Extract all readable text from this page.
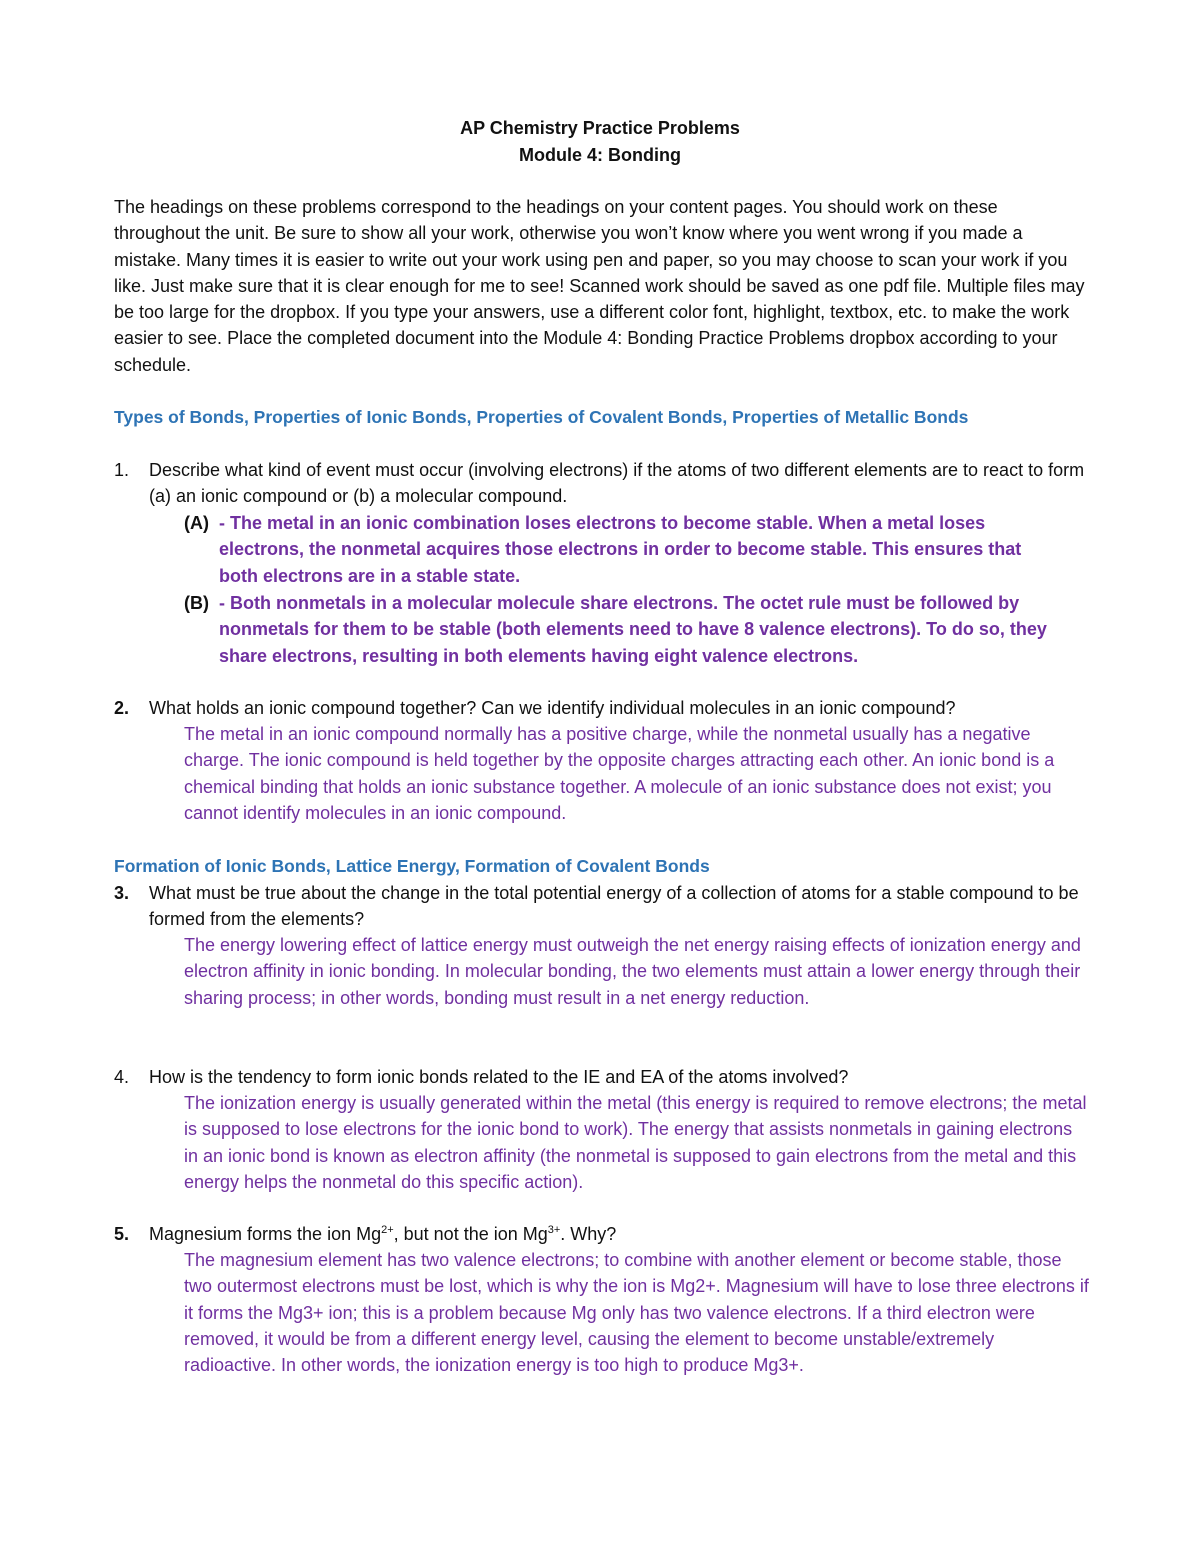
AP Chemistry Practice Problems
Module 4: Bonding

The headings on these problems correspond to the headings on your content pages. You should work on these throughout the unit. Be sure to show all your work, otherwise you won’t know where you went wrong if you made a mistake. Many times it is easier to write out your work using pen and paper, so you may choose to scan your work if you like. Just make sure that it is clear enough for me to see! Scanned work should be saved as one pdf file. Multiple files may be too large for the dropbox. If you type your answers, use a different color font, highlight, textbox, etc. to make the work easier to see. Place the completed document into the Module 4: Bonding Practice Problems dropbox according to your schedule.

Types of Bonds, Properties of Ionic Bonds, Properties of Covalent Bonds, Properties of Metallic Bonds
1. Describe what kind of event must occur (involving electrons) if the atoms of two different elements are to react to form (a) an ionic compound or (b) a molecular compound.
(A) - The metal in an ionic combination loses electrons to become stable. When a metal loses electrons, the nonmetal acquires those electrons in order to become stable. This ensures that both electrons are in a stable state.
(B) - Both nonmetals in a molecular molecule share electrons. The octet rule must be followed by nonmetals for them to be stable (both elements need to have 8 valence electrons). To do so, they share electrons, resulting in both elements having eight valence electrons.
2. What holds an ionic compound together? Can we identify individual molecules in an ionic compound?
The metal in an ionic compound normally has a positive charge, while the nonmetal usually has a negative charge. The ionic compound is held together by the opposite charges attracting each other. An ionic bond is a chemical binding that holds an ionic substance together. A molecule of an ionic substance does not exist; you cannot identify molecules in an ionic compound.
Formation of Ionic Bonds, Lattice Energy, Formation of Covalent Bonds
3. What must be true about the change in the total potential energy of a collection of atoms for a stable compound to be formed from the elements?
The energy lowering effect of lattice energy must outweigh the net energy raising effects of ionization energy and electron affinity in ionic bonding. In molecular bonding, the two elements must attain a lower energy through their sharing process; in other words, bonding must result in a net energy reduction.
4. How is the tendency to form ionic bonds related to the IE and EA of the atoms involved?
The ionization energy is usually generated within the metal (this energy is required to remove electrons; the metal is supposed to lose electrons for the ionic bond to work). The energy that assists nonmetals in gaining electrons in an ionic bond is known as electron affinity (the nonmetal is supposed to gain electrons from the metal and this energy helps the nonmetal do this specific action).
5. Magnesium forms the ion $Mg^{2+}$, but not the ion $Mg^{3+}$. Why?
The magnesium element has two valence electrons; to combine with another element or become stable, those two outermost electrons must be lost, which is why the ion is Mg2+. Magnesium will have to lose three electrons if it forms the Mg3+ ion; this is a problem because Mg only has two valence electrons. If a third electron were removed, it would be from a different energy level, causing the element to become unstable/extremely radioactive. In other words, the ionization energy is too high to produce Mg3+.
